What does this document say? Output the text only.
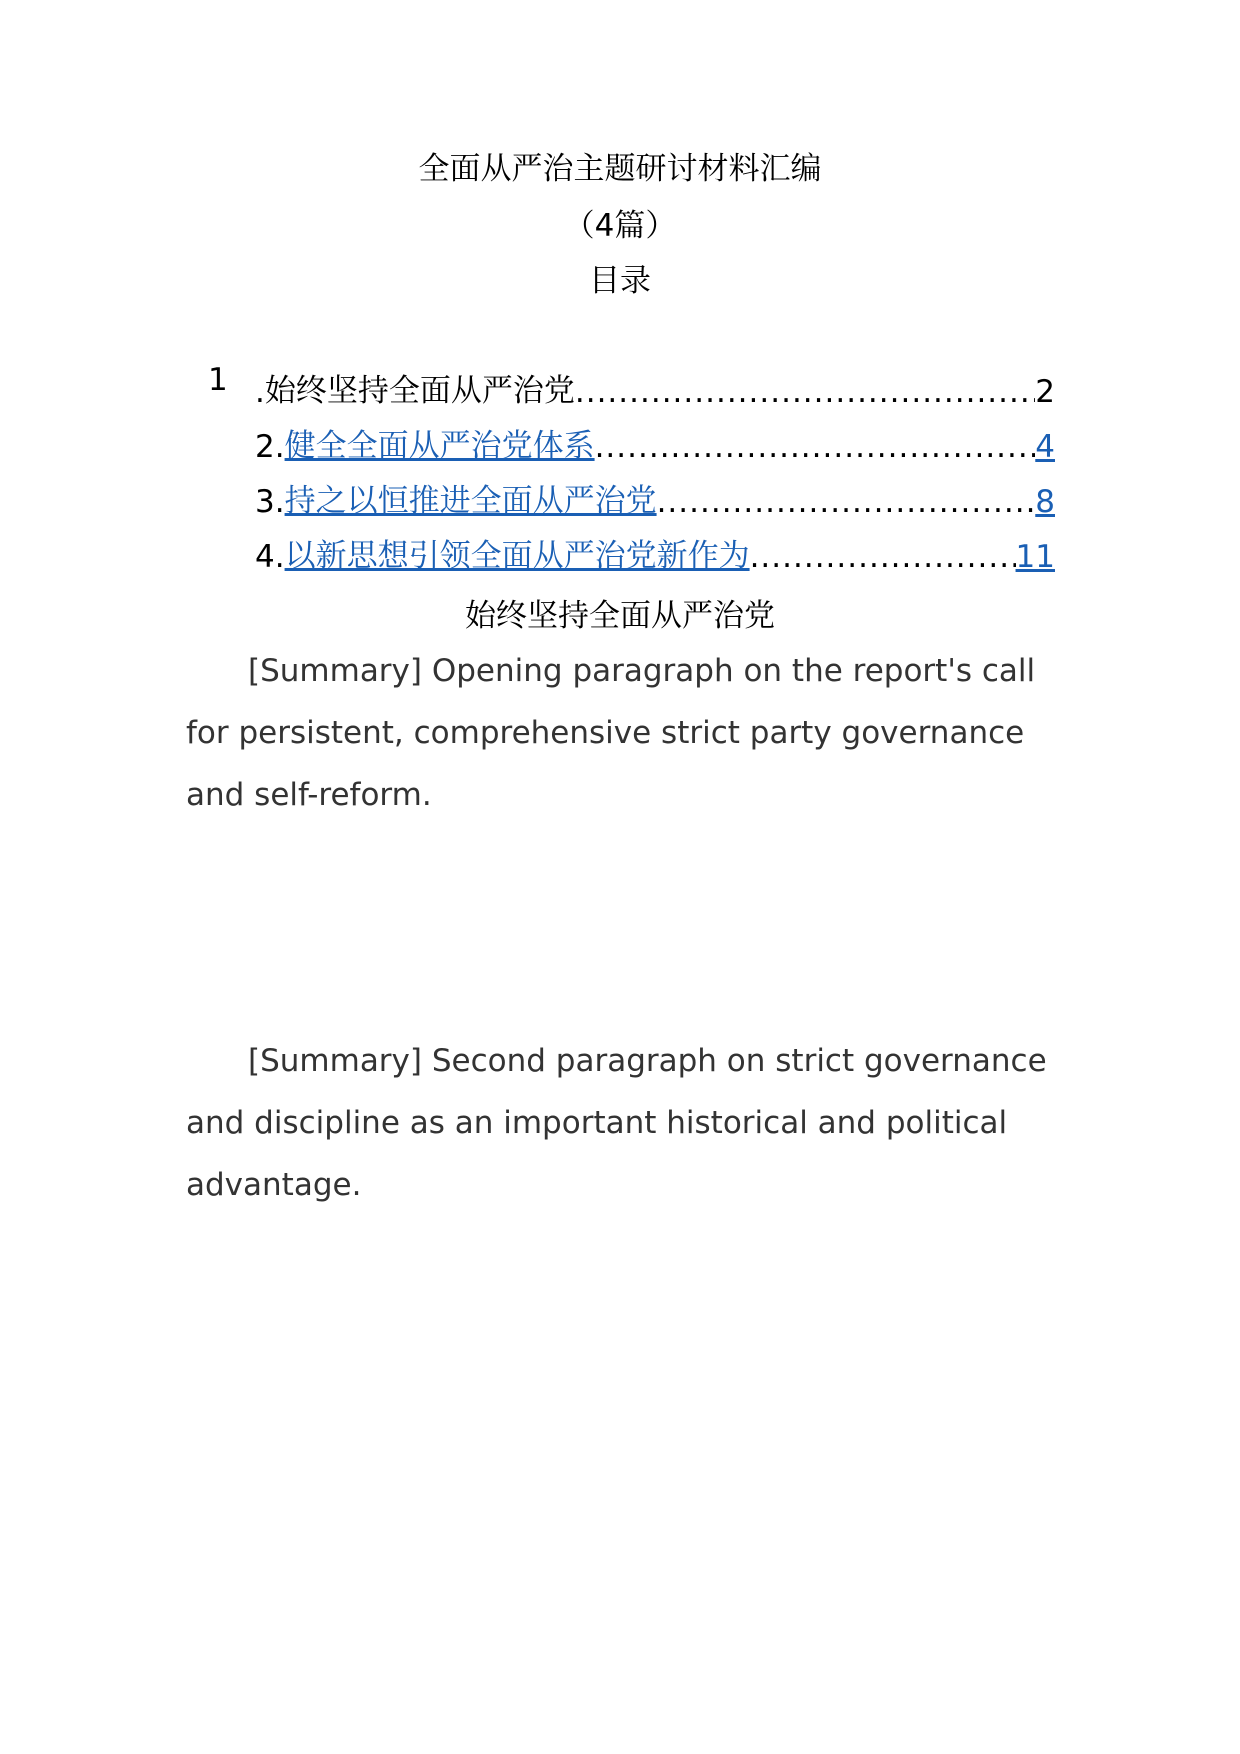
全面从严治主题研讨材料汇编
（4篇）
目录
1 . 始终坚持全面从严治党 .....	2
2. 健全全面从严治党体系 .....	4
3. 持之以恒推进全面从严治党 .....	8
4. 以新思想引领全面从严治党新作为 .....	11
始终坚持全面从严治党
[Summary] Opening paragraph on the report's call for persistent, comprehensive strict party governance and self-reform.
[Summary] Second paragraph on strict governance and discipline as an important historical and political advantage.
